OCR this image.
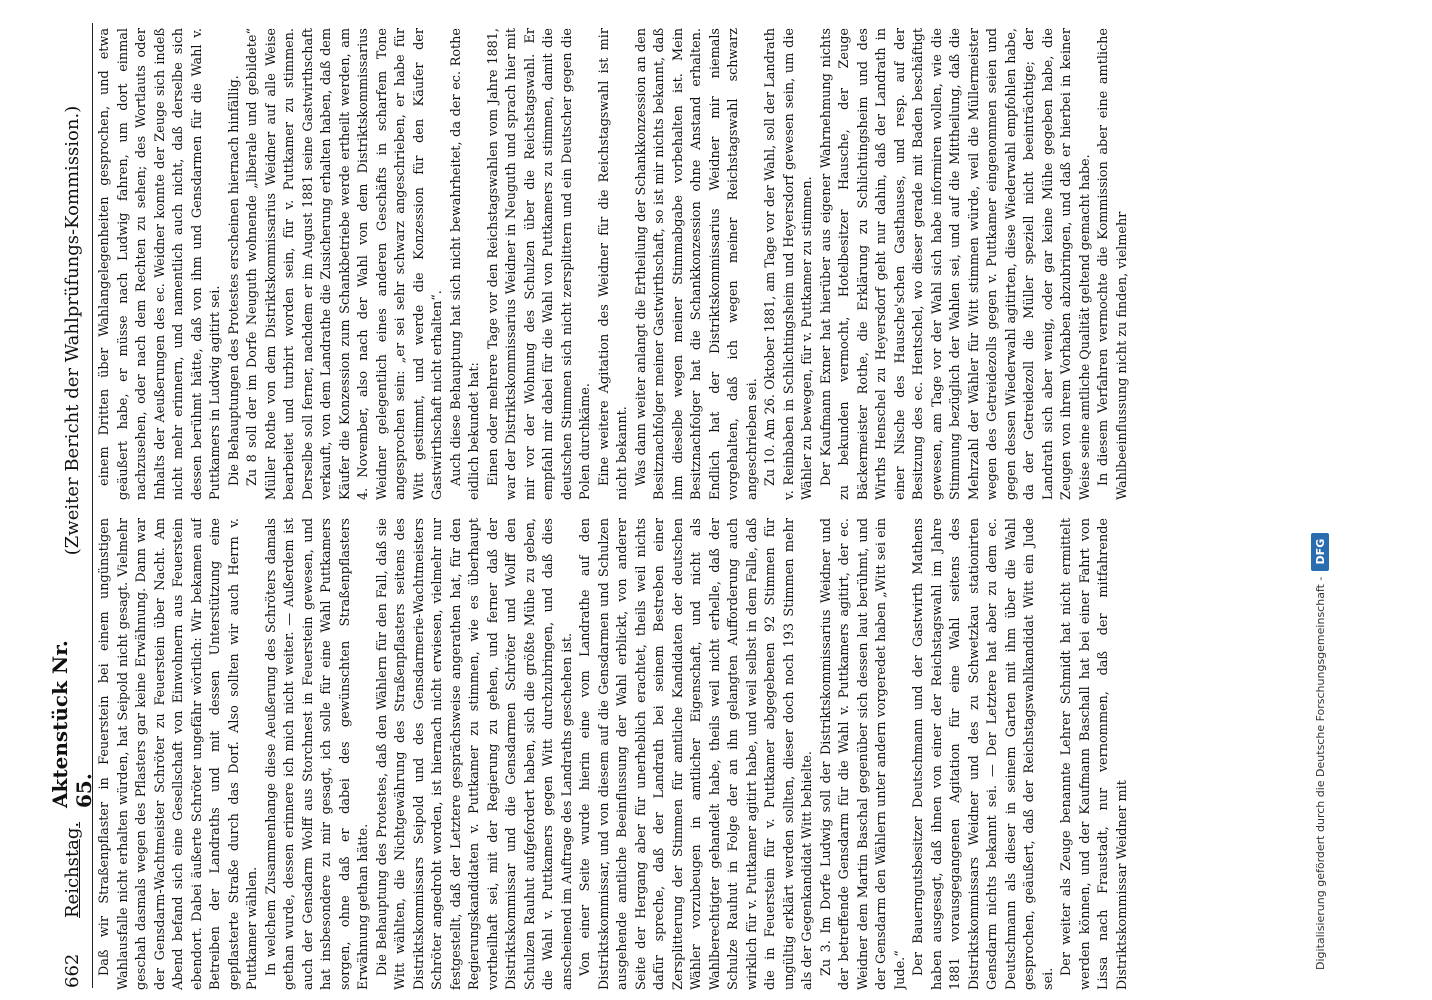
662
Reichstag.
Aktenstück Nr. 65.
(Zweiter Bericht der Wahlprüfungs-Kommission.)

Daß wir Straßenpflaster in Feuerstein bei einem ungünstigen Wahlausfalle nicht erhalten würden, hat Seipold nicht gesagt. Vielmehr geschah dasmals wegen des Pflasters gar keine Erwähnung. Dann war der Gensdarm-Wachtmeister Schröter zu Feuerstein über Nacht. Am Abend befand sich eine Gesellschaft von Einwohnern aus Feuerstein ebendort. Dabei äußerte Schröter ungefähr wörtlich: Wir bekamen auf Betreiben der Landraths und mit dessen Unterstützung eine gepflasterte Straße durch das Dorf. Also sollten wir auch Herrn v. Puttkamer wählen. In welchem Zusammenhange diese Aeußerung des Schröters damals gethan wurde, dessen erinnere ich mich nicht weiter. — Außerdem ist auch der Gensdarm Wolff aus Storchnest in Feuerstein gewesen, und hat insbesondere zu mir gesagt, ich solle für eine Wahl Puttkamers sorgen, ohne daß er dabei des gewünschten Straßenpflasters Erwähnung gethan hätte. Die Behauptung des Protestes, daß den Wählern für den Fall, daß sie Witt wählten, die Nichtgewährung des Straßenpflasters seitens des Distriktskommissars Seipold und des Gensdarmerie-Wachtmeisters Schröter angedroht worden, ist hiernach nicht erwiesen, vielmehr nur festgestellt, daß der Letztere gesprächsweise angerathen hat, für den Regierungskandidaten v. Puttkamer zu stimmen, wie es überhaupt vortheilhaft sei, mit der Regierung zu gehen, und ferner daß der Distriktskommissar und die Gensdarmen Schröter und Wolff den Schulzen Rauhut aufgefordert haben, sich die größte Mühe zu geben, die Wahl v. Puttkamers gegen Witt durchzubringen, und daß dies anscheinend im Auftrage des Landraths geschehen ist. Von einer Seite wurde hierin eine vom Landrathe auf den Distriktskommissar, und von diesem auf die Gensdarmen und Schulzen ausgehende amtliche Beeinflussung der Wahl erblickt, von anderer Seite der Hergang aber für unerheblich erachtet, theils weil nichts dafür spreche, daß der Landrath bei seinem Bestreben einer Zersplitterung der Stimmen für amtliche Kandidaten der deutschen Wähler vorzubeugen in amtlicher Eigenschaft, und nicht als Wahlberechtigter gehandelt habe, theils weil nicht erhelle, daß der Schulze Rauhut in Folge der an ihn gelangten Aufforderung auch wirklich für v. Puttkamer agitirt habe, und weil selbst in dem Falle, daß die in Feuerstein für v. Puttkamer abgegebenen 92 Stimmen für ungültig erklärt werden sollten, dieser doch noch 193 Stimmen mehr als der Gegenkandidat Witt behielte. Zu 3. Im Dorfe Ludwig soll der Distriktskommissarius Weidner und der betreffende Gensdarm für die Wahl v. Puttkamers agitirt, der ec. Weidner dem Martin Baschal gegenüber sich dessen laut berühmt, und der Gensdarm den Wählern unter andern vorgeredet haben „Witt sei ein Jude.“ Der Bauerngutsbesitzer Deutschmann und der Gastwirth Mathens haben ausgesagt, daß ihnen von einer der Reichstagswahl im Jahre 1881 vorausgegangenen Agitation für eine Wahl seitens des Distriktskommissars Weidner und des zu Schwetzkau stationirten Gensdarm nichts bekannt sei. — Der Letztere hat aber zu dem ec. Deutschmann als dieser in seinem Garten mit ihm über die Wahl gesprochen, geäußert, daß der Reichstagswahlkandidat Witt ein Jude sei.

Der weiter als Zeuge benannte Lehrer Schmidt hat nicht ermittelt werden können, und der Kaufmann Baschall hat bei einer Fahrt von Lissa nach Fraustadt, nur vernommen, daß der mitfahrende Distriktskommissar Weidner mit

einem Dritten über Wahlangelegenheiten gesprochen, und etwa geäußert habe, er müsse nach Ludwig fahren, um dort einmal nachzusehen, oder nach dem Rechten zu sehen; des Wortlauts oder Inhalts der Aeußerungen des ec. Weidner konnte der Zeuge sich indeß nicht mehr erinnern, und namentlich auch nicht, daß derselbe sich dessen berühmt hätte, daß von ihm und Gensdarmen für die Wahl v. Puttkamers in Ludwig agitirt sei. Die Behauptungen des Protestes erscheinen hiernach hinfällig. Zu 8 soll der im Dorfe Neuguth wohnende „liberale und gebildete“ Müller Rothe von dem Distriktskommissarius Weidner auf alle Weise bearbeitet und turbirt worden sein, für v. Puttkamer zu stimmen. Derselbe soll ferner, nachdem er im August 1881 seine Gastwirthschaft verkauft, von dem Landrathe die Zusicherung erhalten haben, daß dem Käufer die Konzession zum Schankbetriebe werde ertheilt werden, am 4. November, also nach der Wahl von dem Distriktskommissarius Weidner gelegentlich eines anderen Geschäfts in scharfem Tone angesprochen sein: „er sei sehr schwarz angeschrieben, er habe für Witt gestimmt, und werde die Konzession für den Käufer der Gastwirthschaft nicht erhalten“. Auch diese Behauptung hat sich nicht bewahrheitet, da der ec. Rothe eidlich bekundet hat: Einen oder mehrere Tage vor den Reichstagswahlen vom Jahre 1881, war der Distriktskommissarius Weidner in Neuguth und sprach hier mit mir vor der Wohnung des Schulzen über die Reichstagswahl. Er empfahl mir dabei für die Wahl von Puttkamers zu stimmen, damit die deutschen Stimmen sich nicht zersplittern und ein Deutscher gegen die Polen durchkäme. Eine weitere Agitation des Weidner für die Reichstagswahl ist mir nicht bekannt. Was dann weiter anlangt die Ertheilung der Schankkonzession an den Besitznachfolger meiner Gastwirthschaft, so ist mir nichts bekannt, daß ihm dieselbe wegen meiner Stimmabgabe vorbehalten ist. Mein Besitznachfolger hat die Schankkonzession ohne Anstand erhalten. Endlich hat der Distriktskommissarius Weidner mir niemals vorgehalten, daß ich wegen meiner Reichstagswahl schwarz angeschrieben sei. Zu 10. Am 26. Oktober 1881, am Tage vor der Wahl, soll der Landrath v. Reinbaben in Schlichtingsheim und Heyersdorf gewesen sein, um die Wähler zu bewegen, für v. Puttkamer zu stimmen. Der Kaufmann Exner hat hierüber aus eigener Wahrnehmung nichts zu bekunden vermocht, Hotelbesitzer Hausche, der Zeuge Bäckermeister Rothe, die Erklärung zu Schlichtingsheim und des Wirths Henschel zu Heyersdorf geht nur dahin, daß der Landrath in einer Nische des Hausche'schen Gasthauses, und resp. auf der Besitzung des ec. Hentschel, wo dieser gerade mit Baden beschäftigt gewesen, am Tage vor der Wahl sich habe informiren wollen, wie die Stimmung bezüglich der Wahlen sei, und auf die Mittheilung, daß die Mehrzahl der Wähler für Witt stimmen würde, weil die Müllermeister wegen des Getreidezolls gegen v. Puttkamer eingenommen seien und gegen dessen Wiederwahl agitirten, diese Wiederwahl empfohlen habe, da der Getreidezoll die Müller speziell nicht beeinträchtige; der Landrath sich aber wenig, oder gar keine Mühe gegeben habe, die Zeugen von ihrem Vorhaben abzubringen, und daß er hierbei in keiner Weise seine amtliche Qualität geltend gemacht habe. In diesem Verfahren vermochte die Kommission aber eine amtliche Wahlbeeinflussung nicht zu finden, vielmehr

Digitalisierung gefördert durch die Deutsche Forschungsgemeinschaft -
DFG
